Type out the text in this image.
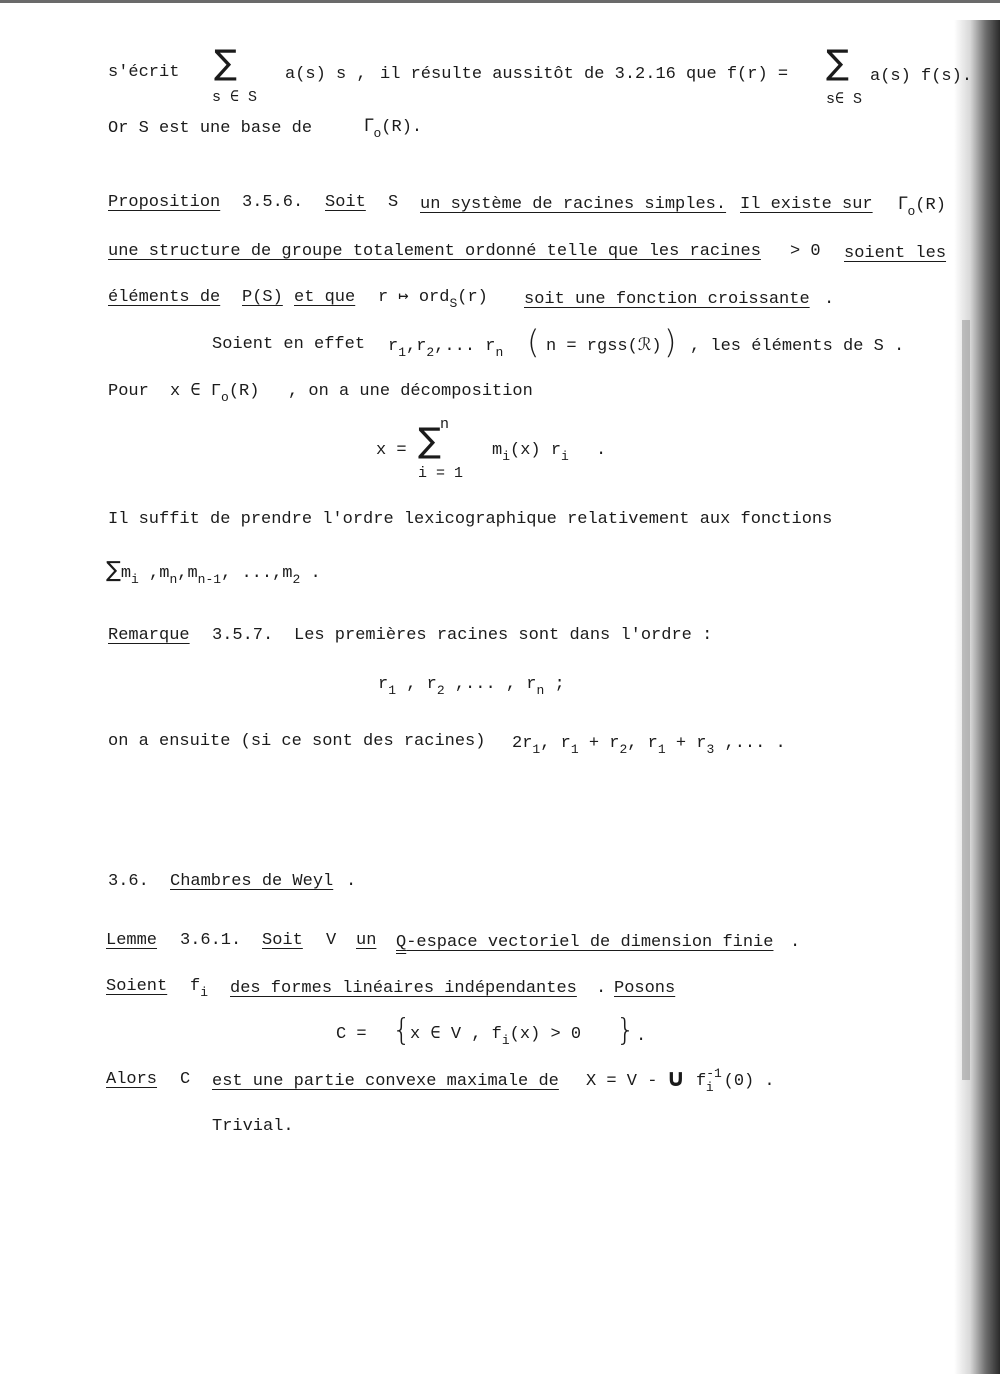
s'écrit ∑
s ∈ S
a(s) s , il résulte aussitôt de 3.2.16 que f(r) = ∑
s∈ S
a(s) f(s).
Or S est une base de	$\Gamma_o(R)$.
Proposition 3.5.6. Soit S un système de racines simples. Il existe sur $\Gamma_o(R)$
une structure de groupe totalement ordonné telle que les racines > 0 soient les
éléments de P(S) et que r ↦ ord$_S$(r) soit une fonction croissante .
Soient en effet $r_1,r_2$,... $r_n$ ( n = rgss(ℛ) ) , les éléments de S .
Pour x ∈ $\Gamma_o(R)$ , on a une décomposition
n
x = ∑	$m_i(x)$ $r_i$ .
i = 1
Il suffit de prendre l'ordre lexicographique relativement aux fonctions
$\sum m_i$ $,m_n,m_{n-1}$, $...,m_2$ .
Remarque 3.5.7. Les premières racines sont dans l'ordre :
$r_1$ , $r_2$ ,... , $r_n$ ;
on a ensuite (si ce sont des racines) $2r_1$, $r_1 + r_2$, $r_1 + r_3$ ,... .
3.6. Chambres de Weyl .
Lemme 3.6.1. Soit V un Q-espace vectoriel de dimension finie .
Soient $f_i$ des formes linéaires indépendantes . Posons
C = {
x ∈ V , $f_i(x) > 0$ } .
Alors C est une partie convexe maximale de X = V - ∪ $f^{-1}_i$ (0) .
Trivial.
